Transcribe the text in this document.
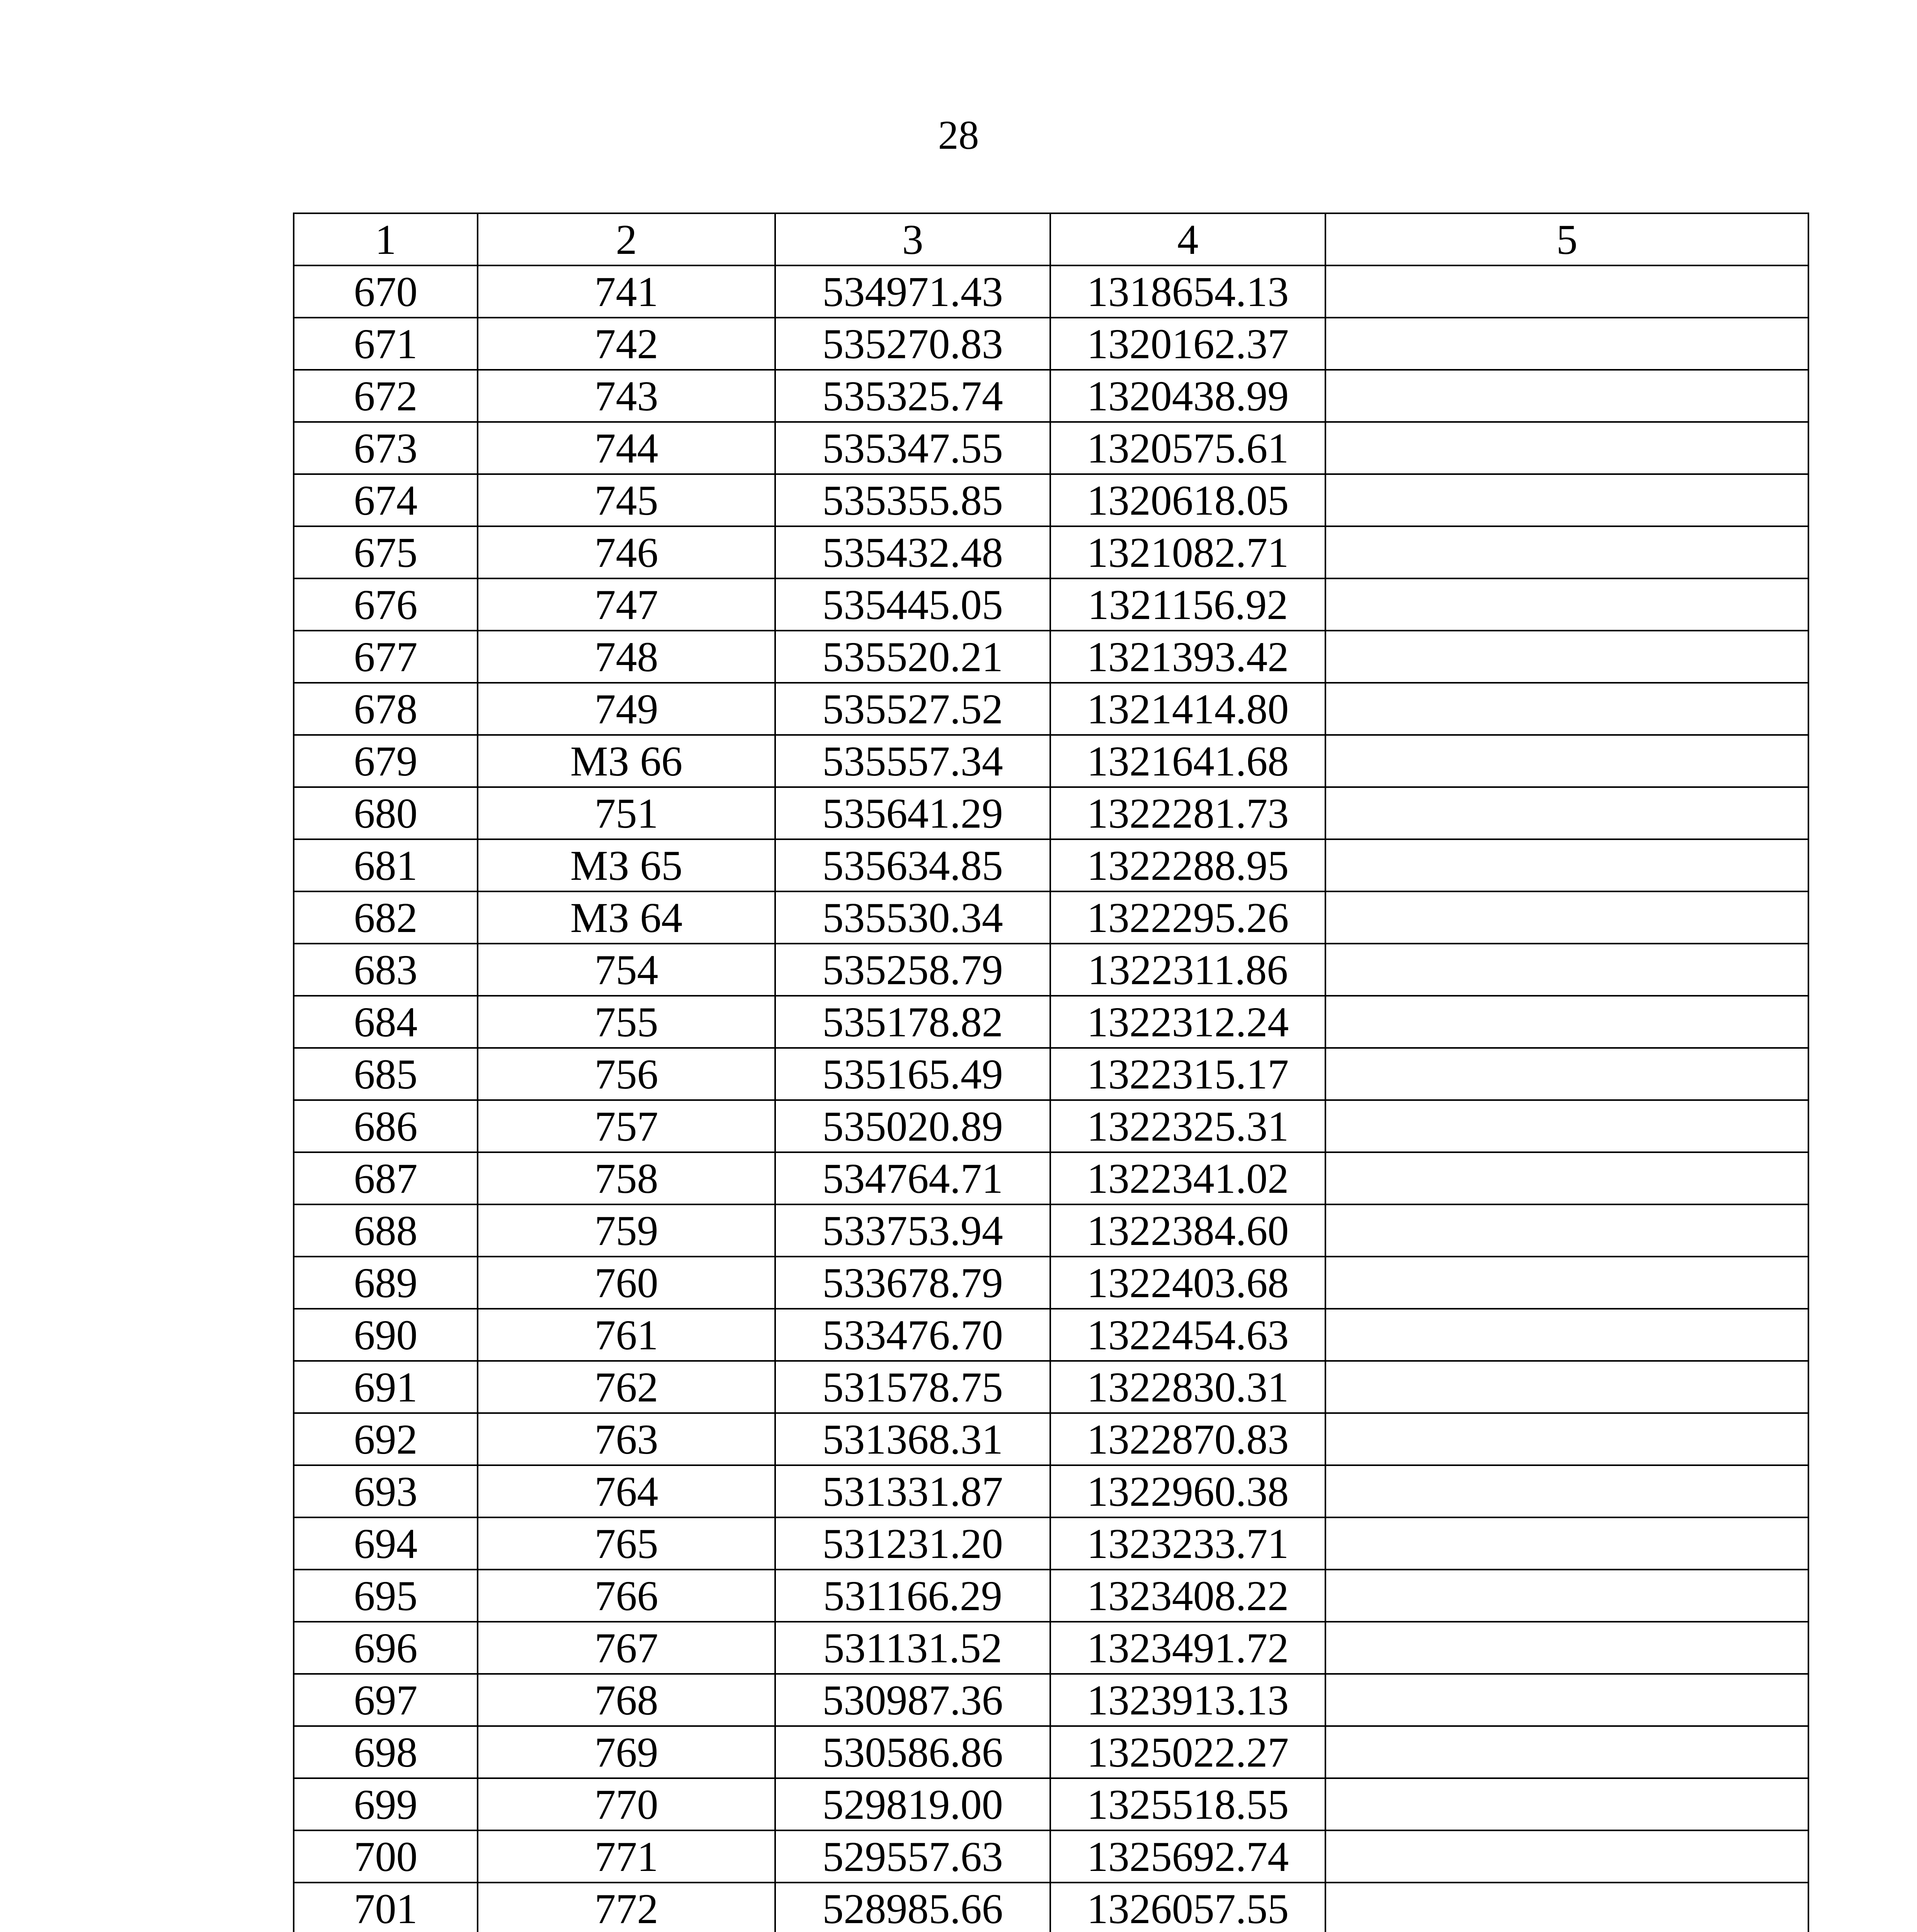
28
1	2	3	4	5
670	741	534971.43	1318654.13	
671	742	535270.83	1320162.37	
672	743	535325.74	1320438.99	
673	744	535347.55	1320575.61	
674	745	535355.85	1320618.05	
675	746	535432.48	1321082.71	
676	747	535445.05	1321156.92	
677	748	535520.21	1321393.42	
678	749	535527.52	1321414.80	
679	МЗ 66	535557.34	1321641.68	
680	751	535641.29	1322281.73	
681	МЗ 65	535634.85	1322288.95	
682	МЗ 64	535530.34	1322295.26	
683	754	535258.79	1322311.86	
684	755	535178.82	1322312.24	
685	756	535165.49	1322315.17	
686	757	535020.89	1322325.31	
687	758	534764.71	1322341.02	
688	759	533753.94	1322384.60	
689	760	533678.79	1322403.68	
690	761	533476.70	1322454.63	
691	762	531578.75	1322830.31	
692	763	531368.31	1322870.83	
693	764	531331.87	1322960.38	
694	765	531231.20	1323233.71	
695	766	531166.29	1323408.22	
696	767	531131.52	1323491.72	
697	768	530987.36	1323913.13	
698	769	530586.86	1325022.27	
699	770	529819.00	1325518.55	
700	771	529557.63	1325692.74	
701	772	528985.66	1326057.55	
